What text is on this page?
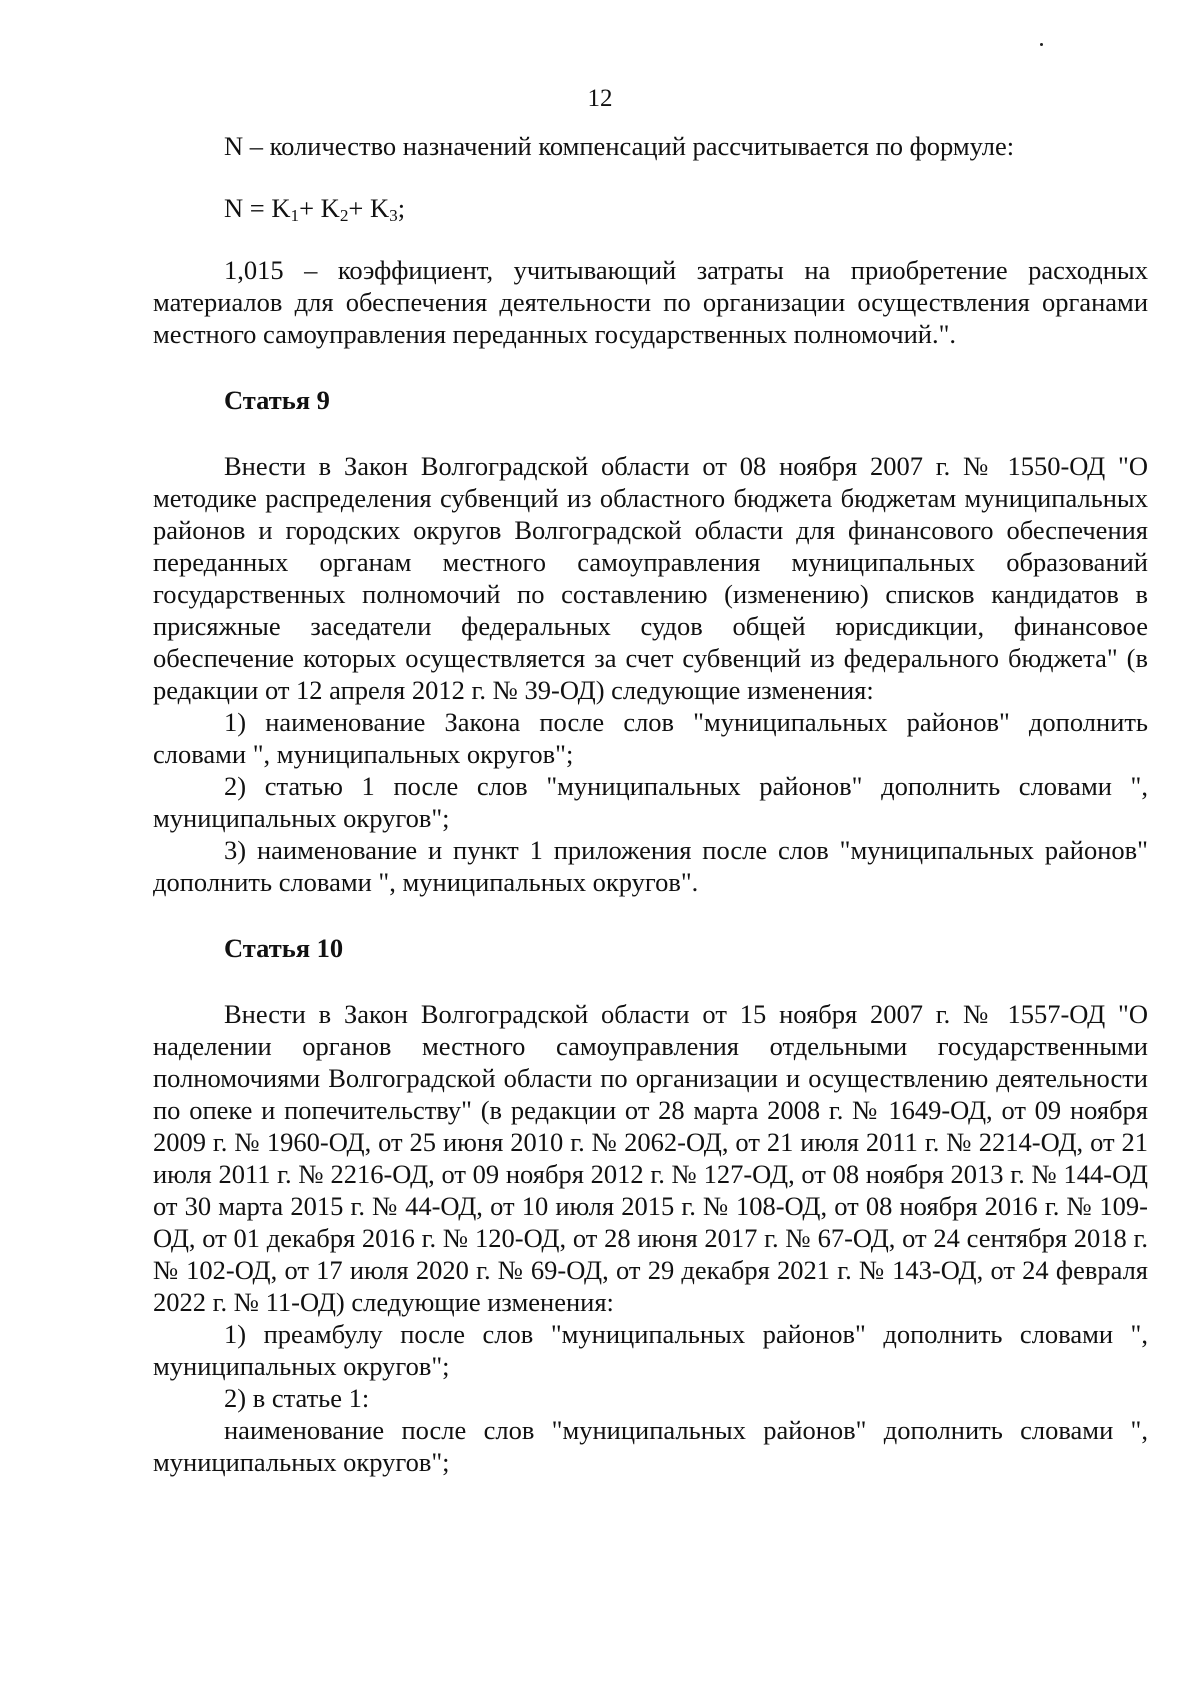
12

N – количество назначений компенсаций рассчитывается по формуле:

$N = K_1+ K_2+ K_3$;

1,015 – коэффициент, учитывающий затраты на приобретение расходных материалов для обеспечения деятельности по организации осуществления органами местного самоуправления переданных государственных полномочий.".

Статья 9

Внести в Закон Волгоградской области от 08 ноября 2007 г. № 1550-ОД "О методике распределения субвенций из областного бюджета бюджетам муниципальных районов и городских округов Волгоградской области для финансового обеспечения переданных органам местного самоуправления муниципальных образований государственных полномочий по составлению (изменению) списков кандидатов в присяжные заседатели федеральных судов общей юрисдикции, финансовое обеспечение которых осуществляется за счет субвенций из федерального бюджета" (в редакции от 12 апреля 2012 г. № 39-ОД) следующие изменения:

1) наименование Закона после слов "муниципальных районов" дополнить словами ", муниципальных округов";

2) статью 1 после слов "муниципальных районов" дополнить словами ", муниципальных округов";

3) наименование и пункт 1 приложения после слов "муниципальных районов" дополнить словами ", муниципальных округов".

Статья 10

Внести в Закон Волгоградской области от 15 ноября 2007 г. № 1557-ОД "О наделении органов местного самоуправления отдельными государственными полномочиями Волгоградской области по организации и осуществлению деятельности по опеке и попечительству" (в редакции от 28 марта 2008 г. № 1649-ОД, от 09 ноября 2009 г. № 1960-ОД, от 25 июня 2010 г. № 2062-ОД, от 21 июля 2011 г. № 2214-ОД, от 21 июля 2011 г. № 2216-ОД, от 09 ноября 2012 г. № 127-ОД, от 08 ноября 2013 г. № 144-ОД от 30 марта 2015 г. № 44-ОД, от 10 июля 2015 г. № 108-ОД, от 08 ноября 2016 г. № 109-ОД, от 01 декабря 2016 г. № 120-ОД, от 28 июня 2017 г. № 67-ОД, от 24 сентября 2018 г. № 102-ОД, от 17 июля 2020 г. № 69-ОД, от 29 декабря 2021 г. № 143-ОД, от 24 февраля 2022 г. № 11-ОД) следующие изменения:

1) преамбулу после слов "муниципальных районов" дополнить словами ", муниципальных округов";

2) в статье 1:

наименование после слов "муниципальных районов" дополнить словами ", муниципальных округов";
